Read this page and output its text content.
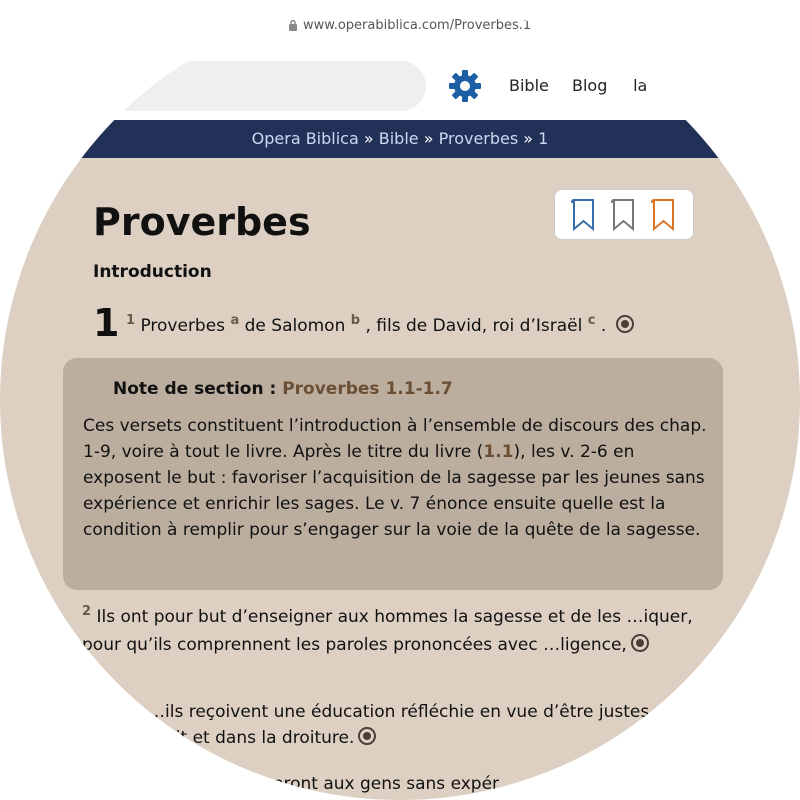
www.operabiblica.com/Proverbes.1
Bible Blog la
Opera Biblica » Bible » Proverbes » 1
Proverbes
Introduction
1 $^1$ Proverbes $^a$ de Salomon $^b$ , fils de David, roi d’Israël $^c$ .
Note de section : Proverbes 1.1-1.7
Ces versets constituent l’introduction à l’ensemble de discours des chap. 1-9, voire à tout le livre. Après le titre du livre (1.1), les v. 2-6 en exposent le but : favoriser l’acquisition de la sagesse par les jeunes sans expérience et enrichir les sages. Le v. 7 énonce ensuite quelle est la condition à remplir pour s’engager sur la voie de la quête de la sagesse.
$^2$ Ils ont pour but d’enseigner aux hommes la sagesse et de les …iquer, pour qu’ils comprennent les paroles prononcées avec …ligence,
…ils reçoivent une éducation réfléchie en vue d’être justes …droit et dans la droiture.
…eront aux gens sans expér…
